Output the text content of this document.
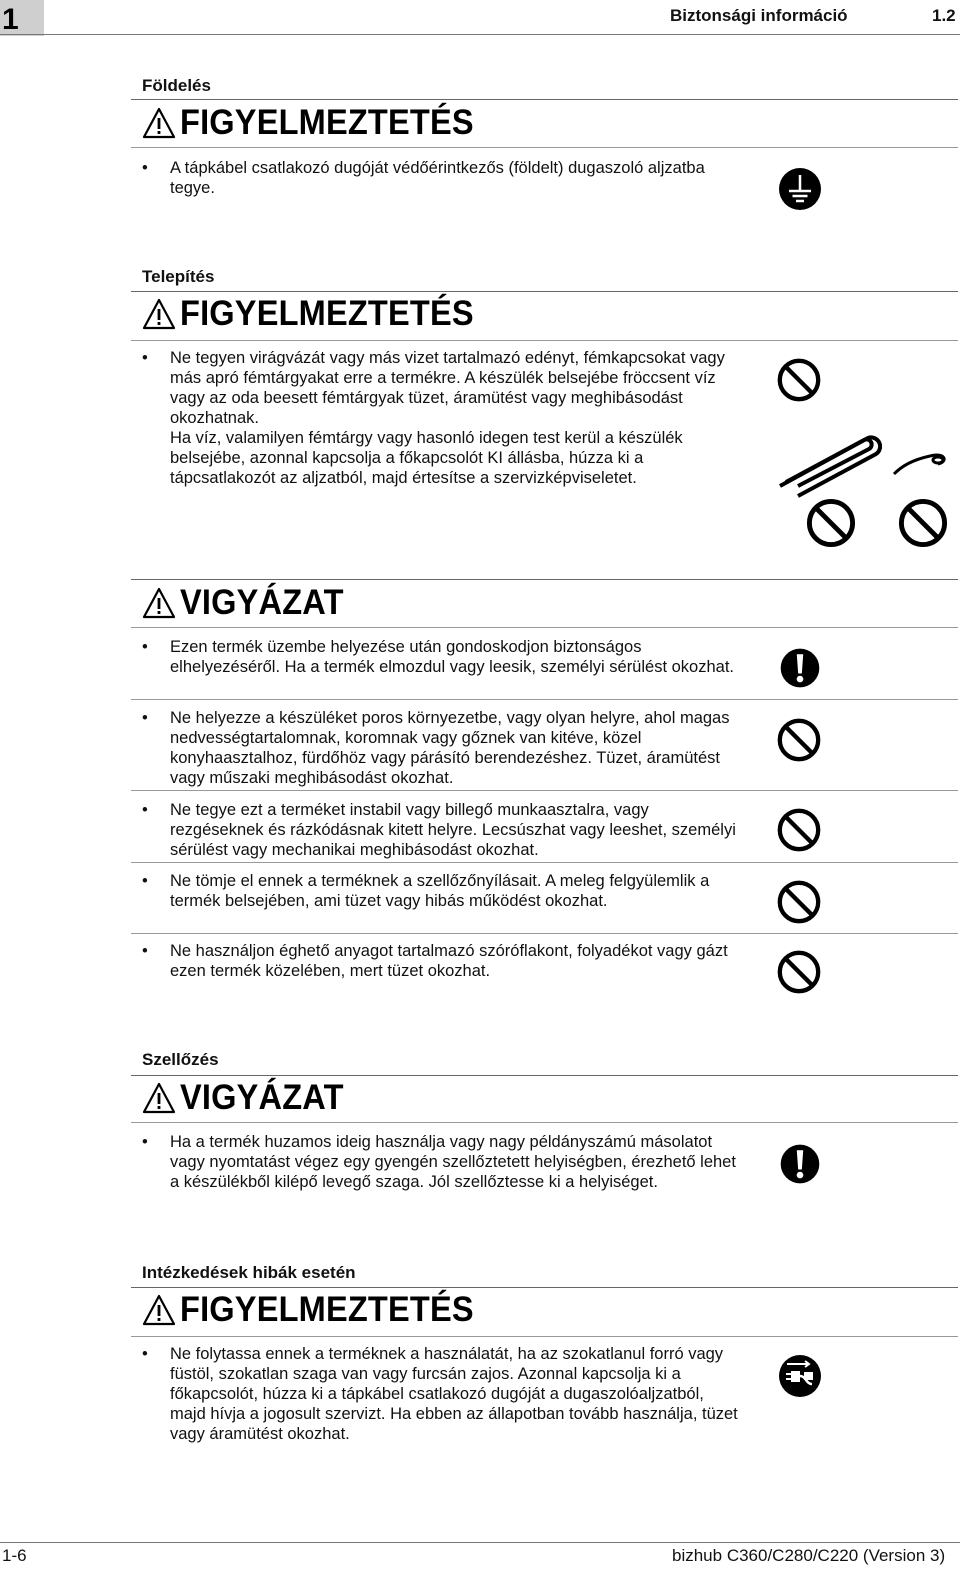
1	Biztonsági információ	1.2
Földelés
FIGYELMEZTETÉS
• A tápkábel csatlakozó dugóját védőérintkezős (földelt) dugaszoló aljzatba tegye.

Telepítés
FIGYELMEZTETÉS
• Ne tegyen virágvázát vagy más vizet tartalmazó edényt, fémkapcsokat vagy más apró fémtárgyakat erre a termékre. A készülék belsejébe fröccsent víz vagy az oda beesett fémtárgyak tüzet, áramütést vagy meghibásodást okozhatnak.

Ha víz, valamilyen fémtárgy vagy hasonló idegen test kerül a készülék belsejébe, azonnal kapcsolja a főkapcsolót KI állásba, húzza ki a tápcsatlakozót az aljzatból, majd értesítse a szervizképviseletet.

VIGYÁZAT
• Ezen termék üzembe helyezése után gondoskodjon biztonságos elhelyezéséről. Ha a termék elmozdul vagy leesik, személyi sérülést okozhat.

• Ne helyezze a készüléket poros környezetbe, vagy olyan helyre, ahol magas nedvességtartalomnak, koromnak vagy gőznek van kitéve, közel konyhaasztalhoz, fürdőhöz vagy párásító berendezéshez. Tüzet, áramütést vagy műszaki meghibásodást okozhat.

• Ne tegye ezt a terméket instabil vagy billegő munkaasztalra, vagy rezgéseknek és rázkódásnak kitett helyre. Lecsúszhat vagy leeshet, személyi sérülést vagy mechanikai meghibásodást okozhat.

• Ne tömje el ennek a terméknek a szellőzőnyílásait. A meleg felgyülemlik a termék belsejében, ami tüzet vagy hibás működést okozhat.

• Ne használjon éghető anyagot tartalmazó szóróflakont, folyadékot vagy gázt ezen termék közelében, mert tüzet okozhat.

Szellőzés
VIGYÁZAT
• Ha a termék huzamos ideig használja vagy nagy példányszámú másolatot vagy nyomtatást végez egy gyengén szellőztetett helyiségben, érezhető lehet a készülékből kilépő levegő szaga. Jól szellőztesse ki a helyiséget.

Intézkedések hibák esetén
FIGYELMEZTETÉS
• Ne folytassa ennek a terméknek a használatát, ha az szokatlanul forró vagy füstöl, szokatlan szaga van vagy furcsán zajos. Azonnal kapcsolja ki a főkapcsolót, húzza ki a tápkábel csatlakozó dugóját a dugaszolóaljzatból, majd hívja a jogosult szervizt. Ha ebben az állapotban tovább használja, tüzet vagy áramütést okozhat.

1-6	bizhub C360/C280/C220 (Version 3)
